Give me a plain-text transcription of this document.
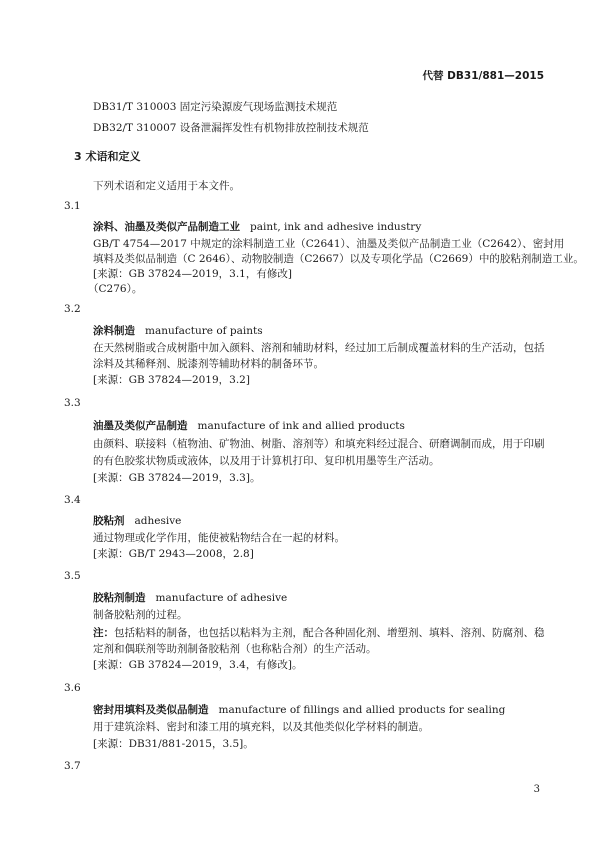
代替 DB31/881—2015
DB31/T 310003 固定污染源废气现场监测技术规范
DB32/T 310007 设备泄漏挥发性有机物排放控制技术规范
3 术语和定义
下列术语和定义适用于本文件。
3.1
涂料、油墨及类似产品制造工业 paint, ink and adhesive industry
GB/T 4754—2017 中规定的涂料制造工业（C2641）、油墨及类似产品制造工业（C2642）、密封用
填料及类似品制造（C 2646）、动物胶制造（C2667）以及专项化学品（C2669）中的胶粘剂制造工业。
[来源：GB 37824—2019，3.1，有修改]
（C276）。
3.2
涂料制造 manufacture of paints
在天然树脂或合成树脂中加入颜料、溶剂和辅助材料，经过加工后制成覆盖材料的生产活动，包括
涂料及其稀释剂、脱漆剂等辅助材料的制备环节。
[来源：GB 37824—2019，3.2]
3.3
油墨及类似产品制造 manufacture of ink and allied products
由颜料、联接料（植物油、矿物油、树脂、溶剂等）和填充料经过混合、研磨调制而成，用于印刷
的有色胶浆状物质或液体，以及用于计算机打印、复印机用墨等生产活动。
[来源：GB 37824—2019，3.3]。
3.4
胶粘剂 adhesive
通过物理或化学作用，能使被粘物结合在一起的材料。
[来源：GB/T 2943—2008，2.8]
3.5
胶粘剂制造 manufacture of adhesive
制备胶粘剂的过程。
注：包括粘料的制备，也包括以粘料为主剂，配合各种固化剂、增塑剂、填料、溶剂、防腐剂、稳
定剂和偶联剂等助剂制备胶粘剂（也称粘合剂）的生产活动。
[来源：GB 37824—2019，3.4，有修改]。
3.6
密封用填料及类似品制造 manufacture of fillings and allied products for sealing
用于建筑涂料、密封和漆工用的填充料，以及其他类似化学材料的制造。
[来源：DB31/881-2015，3.5]。
3.7
3
